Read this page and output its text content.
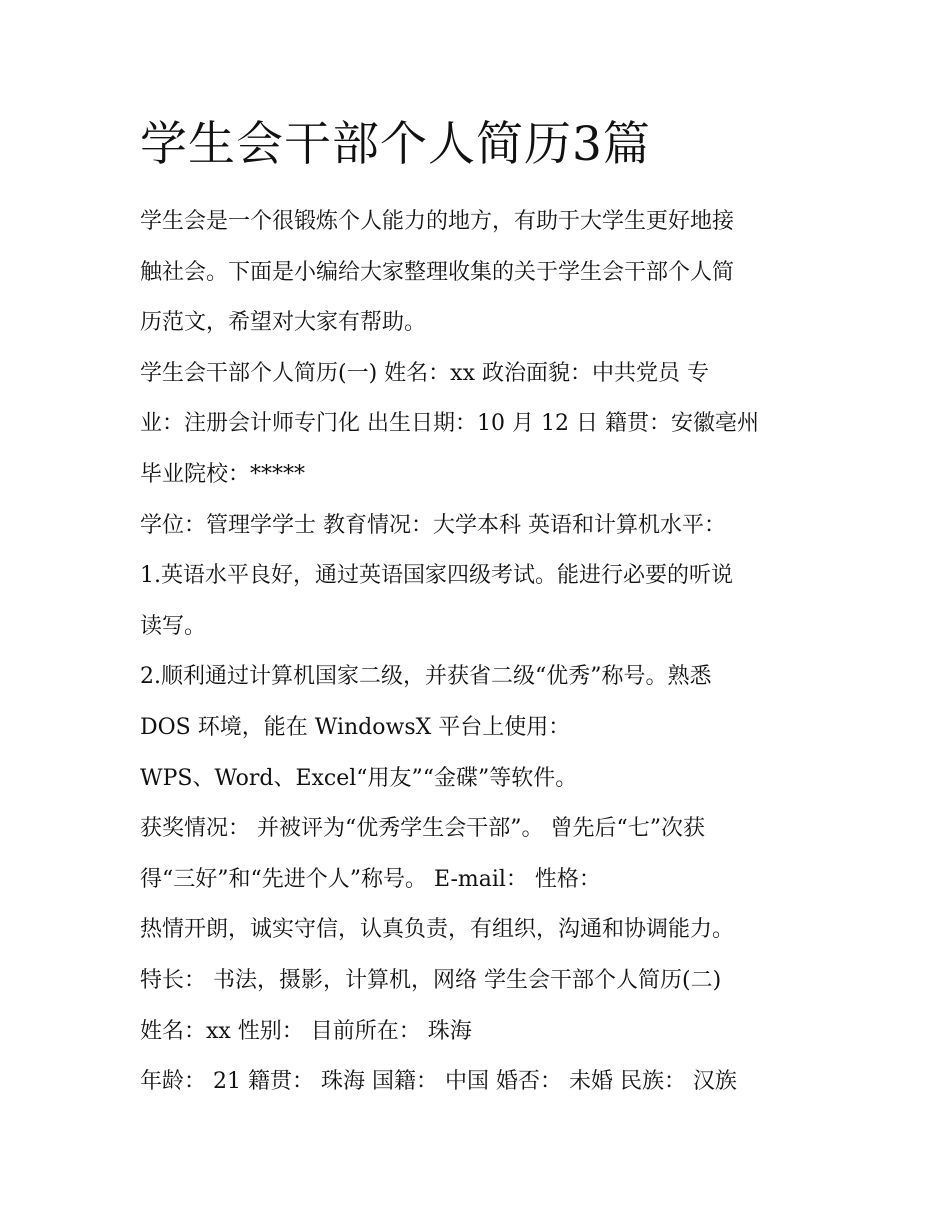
学生会干部个人简历3篇
学生会是一个很锻炼个人能力的地方，有助于大学生更好地接
触社会。下面是小编给大家整理收集的关于学生会干部个人简
历范文，希望对大家有帮助。
学生会干部个人简历(一) 姓名：xx 政治面貌：中共党员 专
业：注册会计师专门化 出生日期：10 月 12 日 籍贯：安徽亳州
毕业院校：*****
学位：管理学学士 教育情况：大学本科 英语和计算机水平：
1.英语水平良好，通过英语国家四级考试。能进行必要的听说
读写。
2.顺利通过计算机国家二级，并获省二级“优秀”称号。熟悉
DOS 环境，能在 WindowsX 平台上使用：
WPS、Word、Excel“用友”“金碟”等软件。
获奖情况： 并被评为“优秀学生会干部”。 曾先后“七”次获
得“三好”和“先进个人”称号。 E-mail： 性格：
热情开朗，诚实守信，认真负责，有组织，沟通和协调能力。
特长： 书法，摄影，计算机，网络 学生会干部个人简历(二)
姓名：xx 性别： 目前所在： 珠海
年龄： 21 籍贯： 珠海 国籍： 中国 婚否： 未婚 民族： 汉族
